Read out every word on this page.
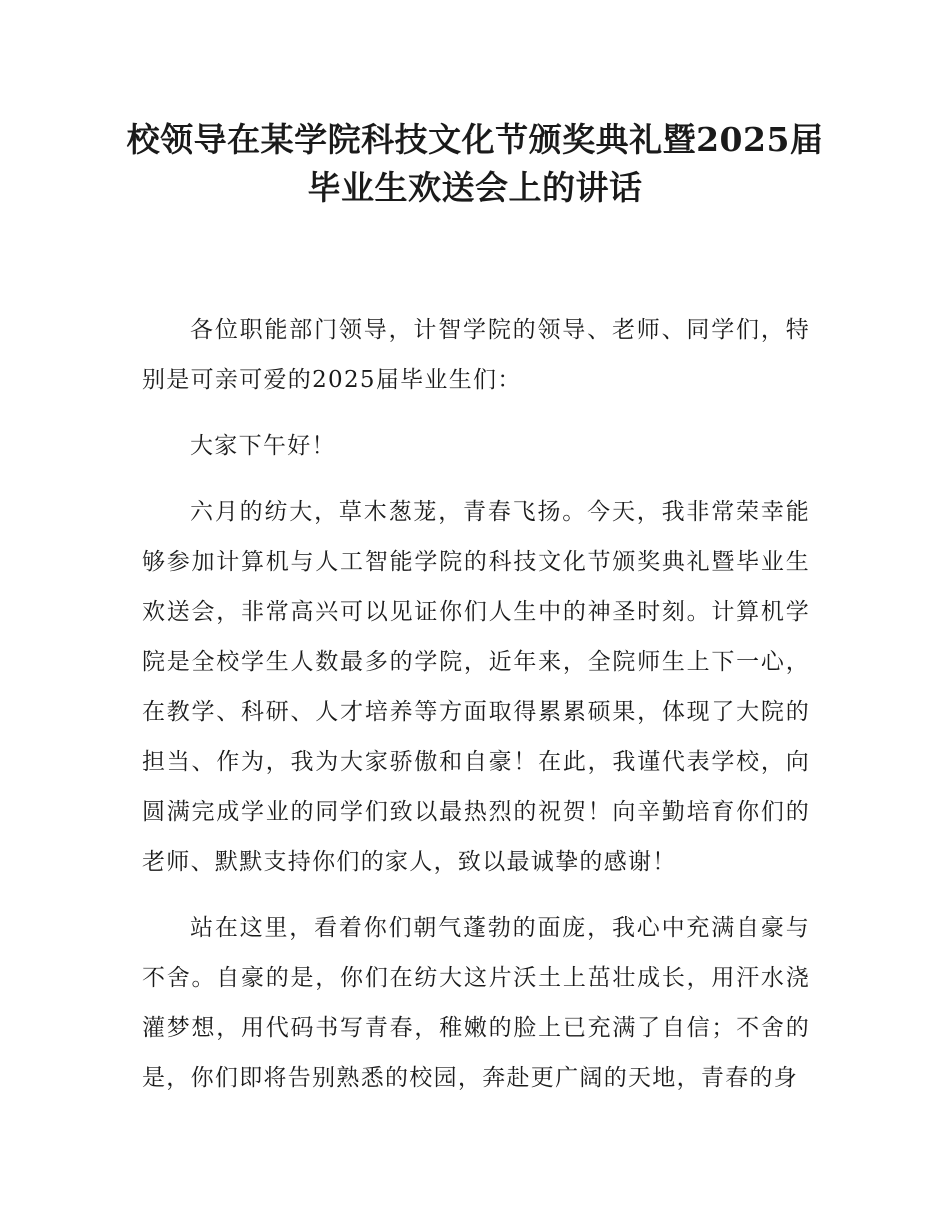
校领导在某学院科技文化节颁奖典礼暨2025届毕业生欢送会上的讲话

各位职能部门领导，计智学院的领导、老师、同学们，特别是可亲可爱的2025届毕业生们：

大家下午好！

六月的纺大，草木葱茏，青春飞扬。今天，我非常荣幸能够参加计算机与人工智能学院的科技文化节颁奖典礼暨毕业生欢送会，非常高兴可以见证你们人生中的神圣时刻。计算机学院是全校学生人数最多的学院，近年来，全院师生上下一心，在教学、科研、人才培养等方面取得累累硕果，体现了大院的担当、作为，我为大家骄傲和自豪！在此，我谨代表学校，向圆满完成学业的同学们致以最热烈的祝贺！向辛勤培育你们的老师、默默支持你们的家人，致以最诚挚的感谢！

站在这里，看着你们朝气蓬勃的面庞，我心中充满自豪与不舍。自豪的是，你们在纺大这片沃土上茁壮成长，用汗水浇灌梦想，用代码书写青春，稚嫩的脸上已充满了自信；不舍的是，你们即将告别熟悉的校园，奔赴更广阔的天地，青春的身
